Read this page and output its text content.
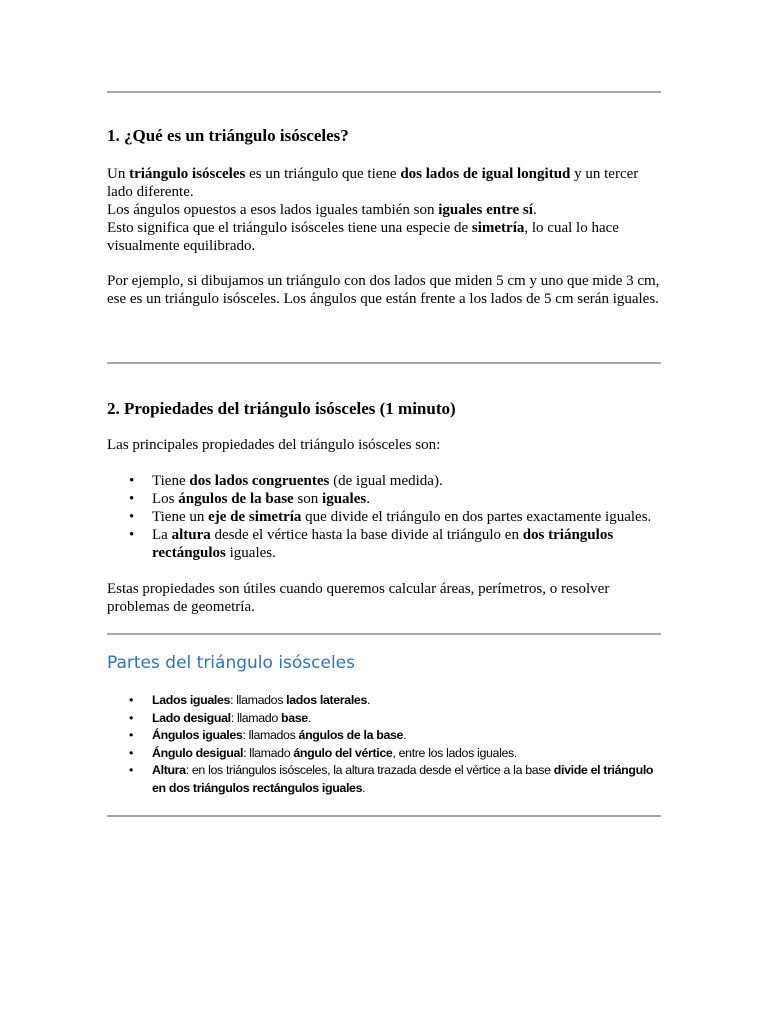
1. ¿Qué es un triángulo isósceles?

Un triángulo isósceles es un triángulo que tiene dos lados de igual longitud y un tercer lado diferente.

Los ángulos opuestos a esos lados iguales también son iguales entre sí.

Esto significa que el triángulo isósceles tiene una especie de simetría, lo cual lo hace visualmente equilibrado.

Por ejemplo, si dibujamos un triángulo con dos lados que miden 5 cm y uno que mide 3 cm, ese es un triángulo isósceles. Los ángulos que están frente a los lados de 5 cm serán iguales.

2. Propiedades del triángulo isósceles (1 minuto)

Las principales propiedades del triángulo isósceles son:

• Tiene dos lados congruentes (de igual medida).
• Los ángulos de la base son iguales.
• Tiene un eje de simetría que divide el triángulo en dos partes exactamente iguales.
• La altura desde el vértice hasta la base divide al triángulo en dos triángulos rectángulos iguales.

Estas propiedades son útiles cuando queremos calcular áreas, perímetros, o resolver problemas de geometría.

Partes del triángulo isósceles
• Lados iguales: llamados lados laterales.
• Lado desigual: llamado base.
• Ángulos iguales: llamados ángulos de la base.
• Ángulo desigual: llamado ángulo del vértice, entre los lados iguales.
• Altura: en los triángulos isósceles, la altura trazada desde el vértice a la base divide el triángulo en dos triángulos rectángulos iguales.
